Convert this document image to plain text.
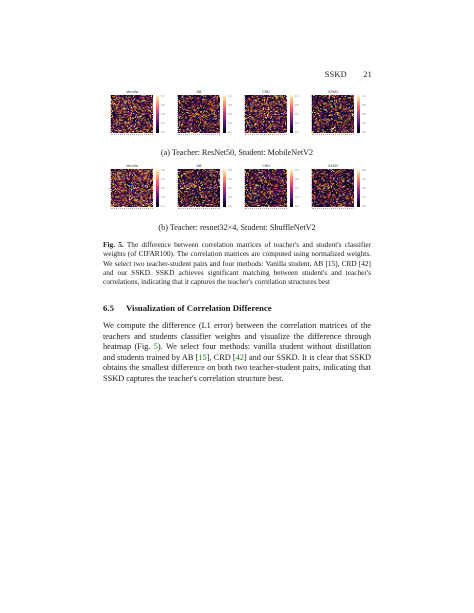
SSKD 21
Vanilla
5.7
4.8
3.9
3.1
2.2
AB
1.0
0.8
0.6
0.4
0.2
CRD
1.0
0.8
0.6
0.4
0.2
SSKD
1.0
0.8
0.6
0.4
0.2
(a) Teacher: ResNet50, Student: MobileNetV2
Vanilla
3.6
3.1
2.5
1.9
1.2
AB
0.8
0.6
0.5
0.3
0.2
CRD
0.8
0.6
0.5
0.3
0.2
SSKD
0.8
0.6
0.5
0.3
0.2
(b) Teacher: resnet32×4, Student: ShuffleNetV2
Fig. 5. The difference between correlation matrices of teacher's and student's classifier weights (of CIFAR100). The correlation matrices are computed using normalized weights. We select two teacher-student pairs and four methods: Vanilla student, AB [15], CRD [42] and our SSKD. SSKD achieves significant matching between student's and teacher's correlations, indicating that it captures the teacher's correlation structures best
6.5 Visualization of Correlation Difference
We compute the difference (L1 error) between the correlation matrices of the teachers and students classifier weights and visualize the difference through heatmap (Fig. 5). We select four methods: vanilla student without distillation and students trained by AB [15], CRD [42] and our SSKD. It is clear that SSKD obtains the smallest difference on both two teacher-student pairs, indicating that SSKD captures the teacher's correlation structure best.
